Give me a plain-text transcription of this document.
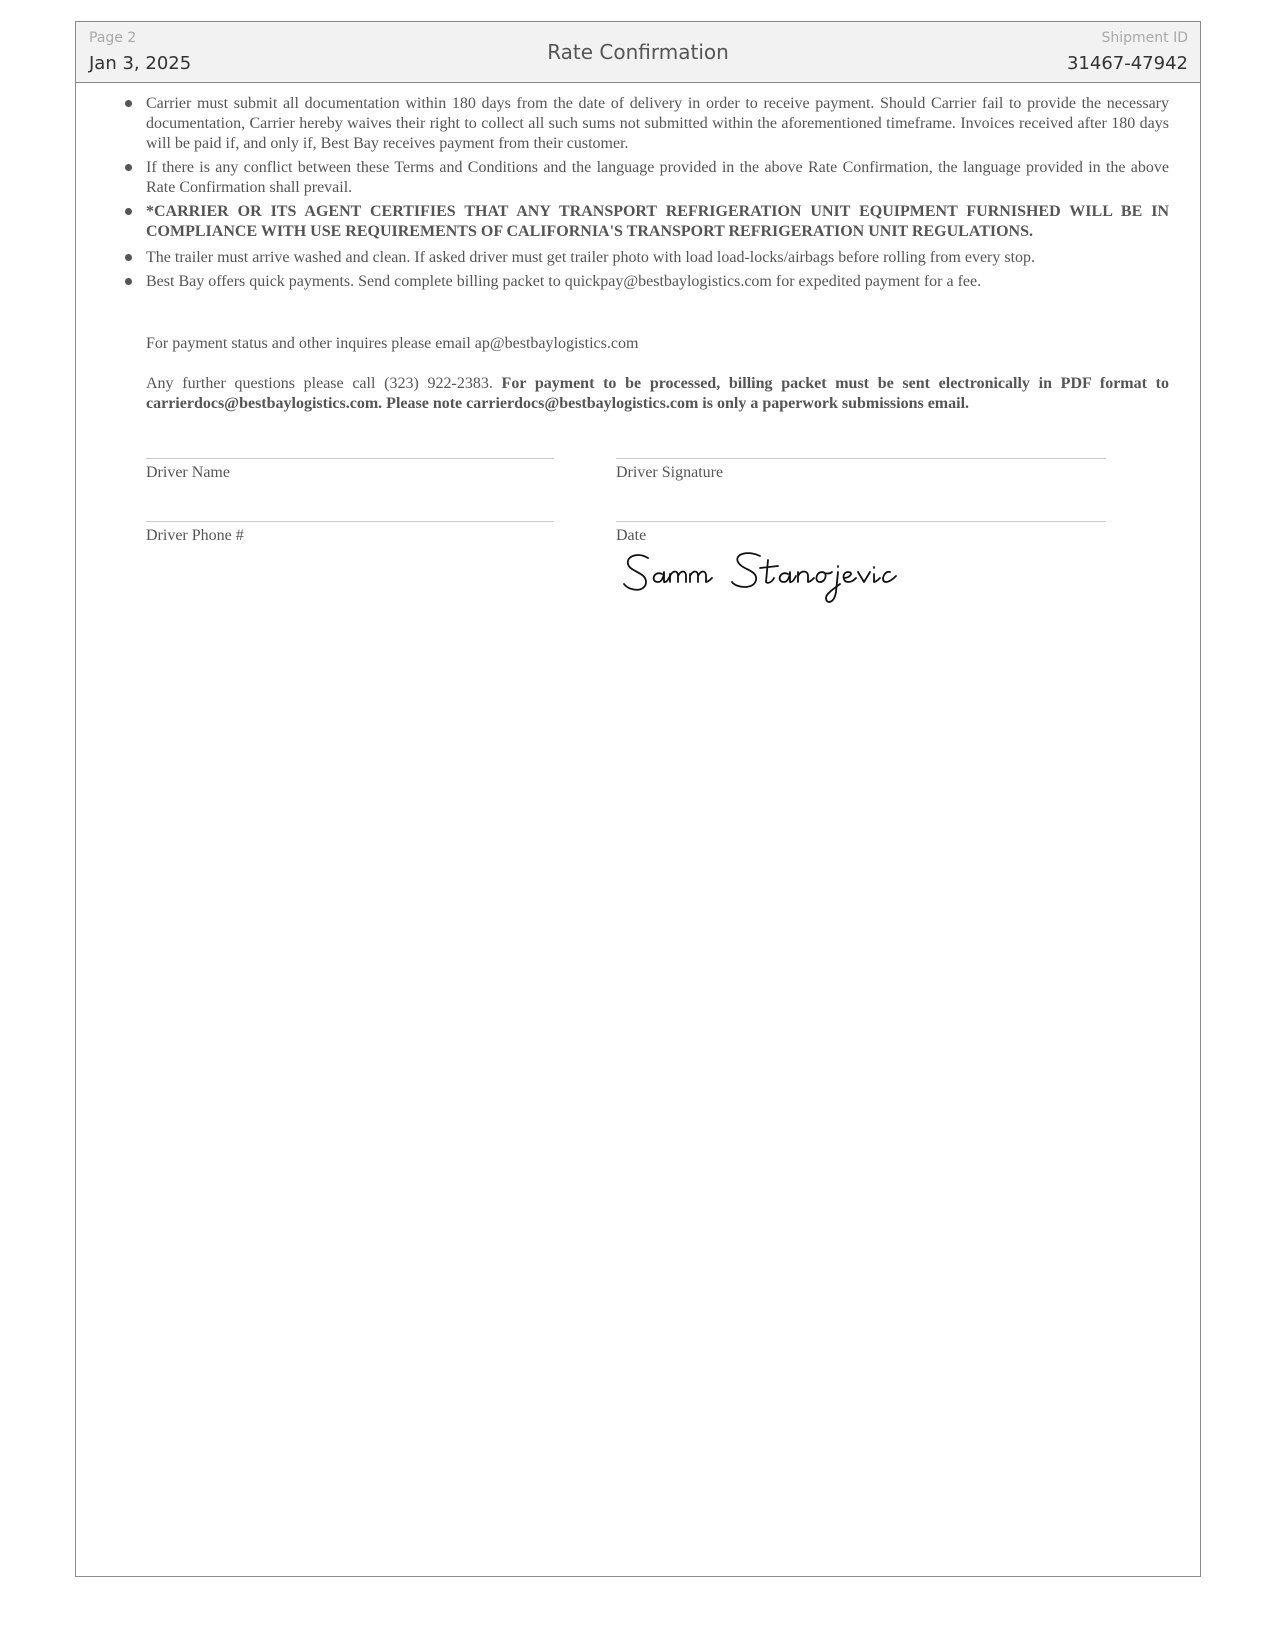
Page 2
Jan 3, 2025	Rate Confirmation
Shipment ID
31467-47942
Carrier must submit all documentation within 180 days from the date of delivery in order to receive payment. Should Carrier fail to provide the necessary documentation, Carrier hereby waives their right to collect all such sums not submitted within the aforementioned timeframe. Invoices received after 180 days will be paid if, and only if, Best Bay receives payment from their customer.
If there is any conflict between these Terms and Conditions and the language provided in the above Rate Confirmation, the language provided in the above Rate Confirmation shall prevail.
*CARRIER OR ITS AGENT CERTIFIES THAT ANY TRANSPORT REFRIGERATION UNIT EQUIPMENT FURNISHED WILL BE IN COMPLIANCE WITH USE REQUIREMENTS OF CALIFORNIA'S TRANSPORT REFRIGERATION UNIT REGULATIONS.
The trailer must arrive washed and clean. If asked driver must get trailer photo with load load-locks/airbags before rolling from every stop.
Best Bay offers quick payments. Send complete billing packet to quickpay@bestbaylogistics.com for expedited payment for a fee.
For payment status and other inquires please email ap@bestbaylogistics.com
Any further questions please call (323) 922-2383. For payment to be processed, billing packet must be sent electronically in PDF format to carrierdocs@bestbaylogistics.com. Please note carrierdocs@bestbaylogistics.com is only a paperwork submissions email.
Driver Name	Driver Signature
Driver Phone #	Date
